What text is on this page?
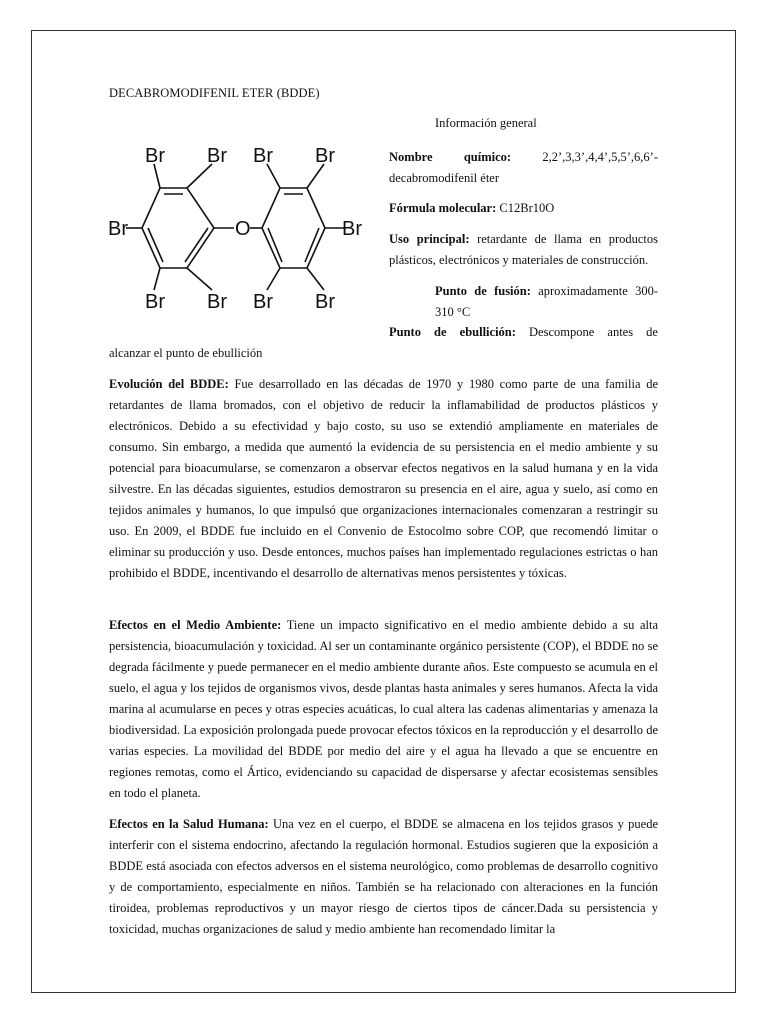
DECABROMODIFENIL ETER (BDDE)
Información general
Br Br Br Br
Br	Br
Br Br Br Br
O

Nombre químico:	2,2’,3,3’,4,4’,5,5’,6,6’-decabromodifenil éter

Fórmula molecular: C12Br10O

Uso principal: retardante de llama en productos plásticos, electrónicos y materiales de construcción.

Punto de fusión: aproximadamente 300-310 °C

Punto de ebullición: Descompone antes de

alcanzar el punto de ebullición

Evolución del BDDE: Fue desarrollado en las décadas de 1970 y 1980 como parte de una familia de retardantes de llama bromados, con el objetivo de reducir la inflamabilidad de productos plásticos y electrónicos. Debido a su efectividad y bajo costo, su uso se extendió ampliamente en materiales de consumo. Sin embargo, a medida que aumentó la evidencia de su persistencia en el medio ambiente y su potencial para bioacumularse, se comenzaron a observar efectos negativos en la salud humana y en la vida silvestre. En las décadas siguientes, estudios demostraron su presencia en el aire, agua y suelo, así como en tejidos animales y humanos, lo que impulsó que organizaciones internacionales comenzaran a restringir su uso. En 2009, el BDDE fue incluido en el Convenio de Estocolmo sobre COP, que recomendó limitar o eliminar su producción y uso. Desde entonces, muchos países han implementado regulaciones estrictas o han prohibido el BDDE, incentivando el desarrollo de alternativas menos persistentes y tóxicas.

Efectos en el Medio Ambiente: Tiene un impacto significativo en el medio ambiente debido a su alta persistencia, bioacumulación y toxicidad. Al ser un contaminante orgánico persistente (COP), el BDDE no se degrada fácilmente y puede permanecer en el medio ambiente durante años. Este compuesto se acumula en el suelo, el agua y los tejidos de organismos vivos, desde plantas hasta animales y seres humanos. Afecta la vida marina al acumularse en peces y otras especies acuáticas, lo cual altera las cadenas alimentarias y amenaza la biodiversidad. La exposición prolongada puede provocar efectos tóxicos en la reproducción y el desarrollo de varias especies. La movilidad del BDDE por medio del aire y el agua ha llevado a que se encuentre en regiones remotas, como el Ártico, evidenciando su capacidad de dispersarse y afectar ecosistemas sensibles en todo el planeta.

Efectos en la Salud Humana: Una vez en el cuerpo, el BDDE se almacena en los tejidos grasos y puede interferir con el sistema endocrino, afectando la regulación hormonal. Estudios sugieren que la exposición a BDDE está asociada con efectos adversos en el sistema neurológico, como problemas de desarrollo cognitivo y de comportamiento, especialmente en niños. También se ha relacionado con alteraciones en la función tiroidea, problemas reproductivos y un mayor riesgo de ciertos tipos de cáncer.Dada su persistencia y toxicidad, muchas organizaciones de salud y medio ambiente han recomendado limitar la
